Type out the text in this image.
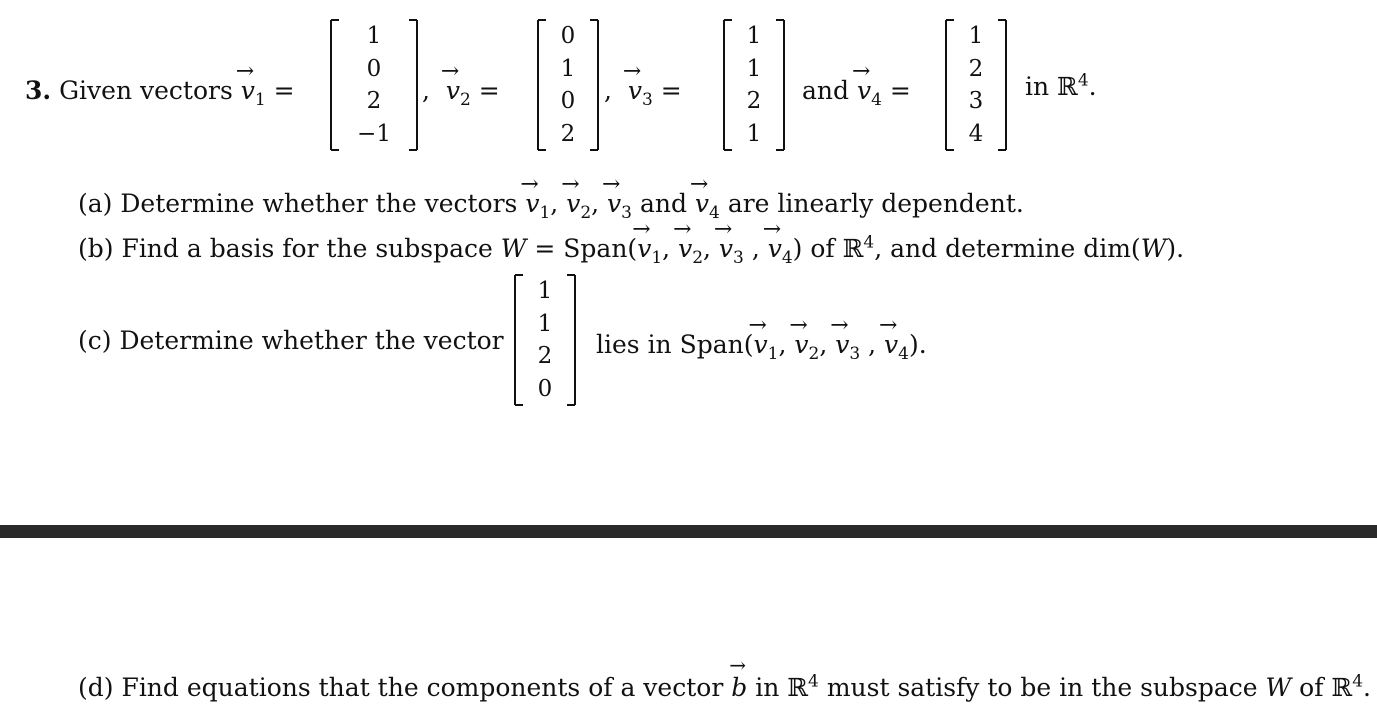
3. Given vectors
→
$v_1$ =
1
0
2
−1
,
→
$v_2$ =
0
1
0
2
,
→
$v_3$ =
1
1
2
1
and
→
$v_4$ =
1
2
3
4
in ℝ$^4$.
(a) Determine whether the vectors
→
$v_1$,
→
$v_2$,
→
$v_3$ and
→
$v_4$ are linearly dependent.
(b) Find a basis for the subspace W = Span(
→
$v_1$,
→
$v_2$,
→
$v_3$ ,
→
$v_4$) of ℝ$^4$, and determine dim(W).
(c) Determine whether the vector
1
1
2
0
lies in Span(
→
$v_1$,
→
$v_2$,
→
$v_3$ ,
→
$v_4$).
(d) Find equations that the components of a vector
→
b in ℝ$^4$ must satisfy to be in the subspace W of ℝ$^4$.
